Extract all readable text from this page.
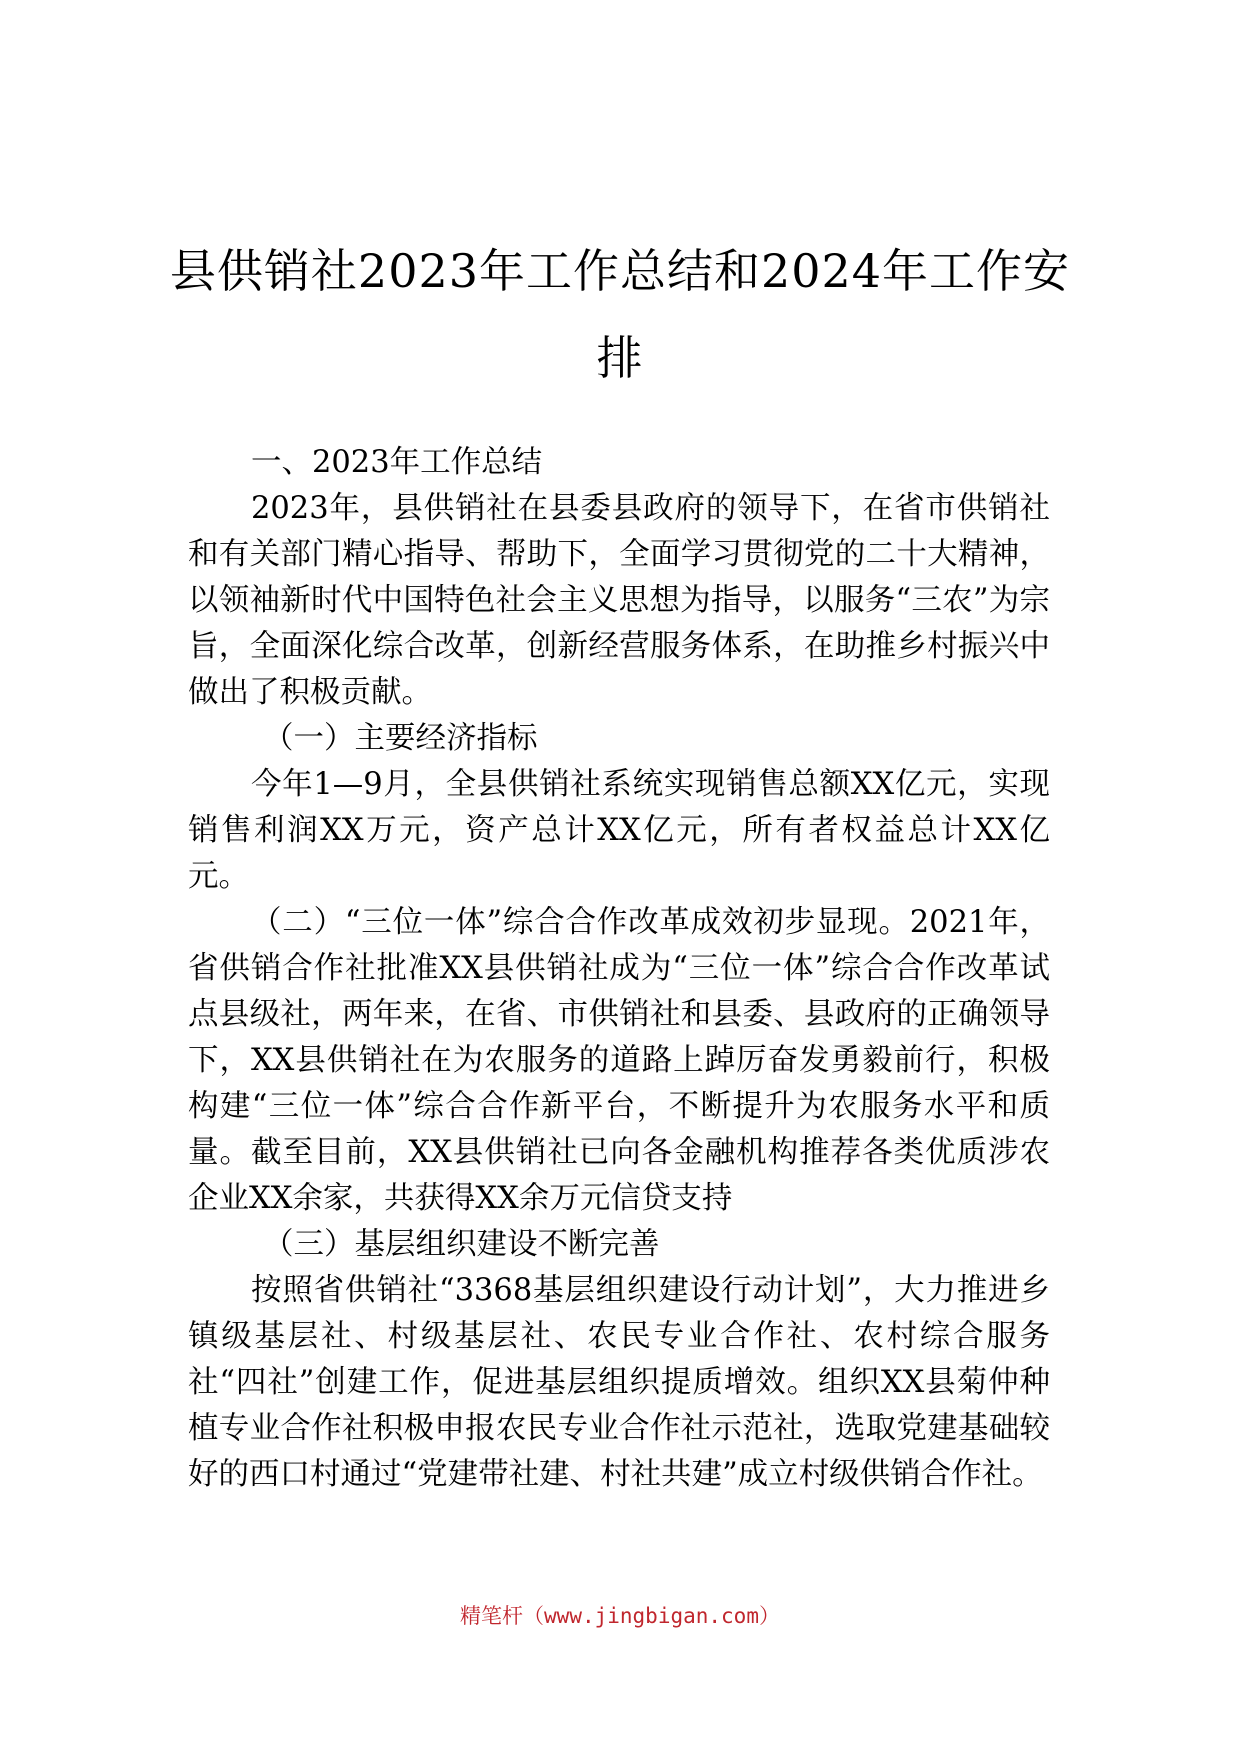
县供销社2023年工作总结和2024年工作安
排

一、2023年工作总结

2023年，县供销社在县委县政府的领导下，在省市供销社和有关部门精心指导、帮助下，全面学习贯彻党的二十大精神，以领袖新时代中国特色社会主义思想为指导，以服务“三农”为宗旨，全面深化综合改革，创新经营服务体系，在助推乡村振兴中做出了积极贡献。

（一）主要经济指标

今年1—9月，全县供销社系统实现销售总额XX亿元，实现销售利润XX万元，资产总计XX亿元，所有者权益总计XX亿元。

（二）“三位一体”综合合作改革成效初步显现。2021年，省供销合作社批准XX县供销社成为“三位一体”综合合作改革试点县级社，两年来，在省、市供销社和县委、县政府的正确领导下，XX县供销社在为农服务的道路上踔厉奋发勇毅前行，积极构建“三位一体”综合合作新平台，不断提升为农服务水平和质量。截至目前，XX县供销社已向各金融机构推荐各类优质涉农企业XX余家，共获得XX余万元信贷支持

（三）基层组织建设不断完善

按照省供销社“3368基层组织建设行动计划”，大力推进乡镇级基层社、村级基层社、农民专业合作社、农村综合服务社“四社”创建工作，促进基层组织提质增效。组织XX县菊仲种植专业合作社积极申报农民专业合作社示范社，选取党建基础较好的西口村通过“党建带社建、村社共建”成立村级供销合作社。

精笔杆（www.jingbigan.com）
